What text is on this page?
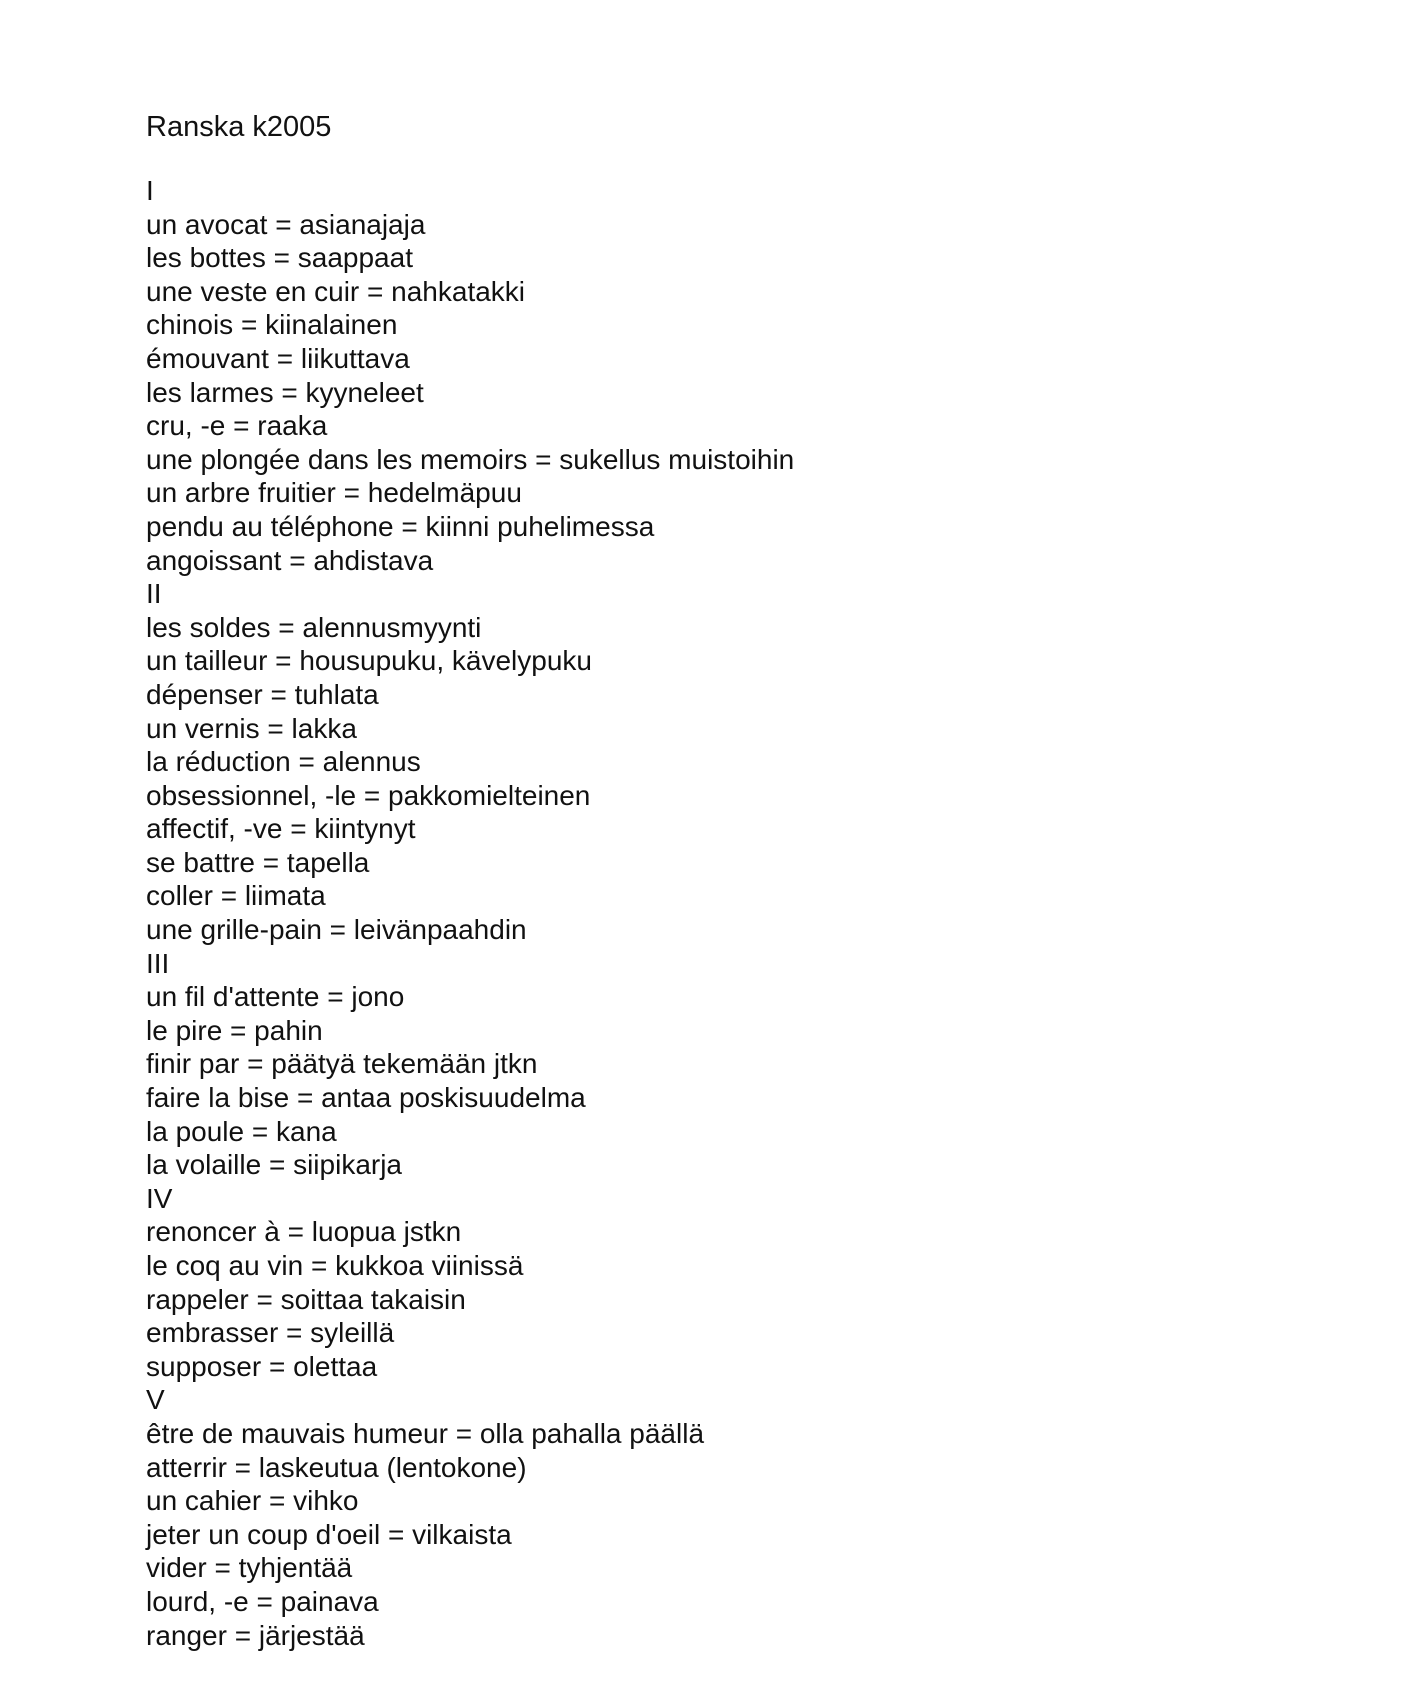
Ranska k2005
I
un avocat = asianajaja
les bottes = saappaat
une veste en cuir = nahkatakki
chinois = kiinalainen
émouvant = liikuttava
les larmes = kyyneleet
cru, -e = raaka
une plongée dans les memoirs = sukellus muistoihin
un arbre fruitier = hedelmäpuu
pendu au téléphone = kiinni puhelimessa
angoissant = ahdistava
II
les soldes = alennusmyynti
un tailleur = housupuku, kävelypuku
dépenser = tuhlata
un vernis = lakka
la réduction = alennus
obsessionnel, -le = pakkomielteinen
affectif, -ve = kiintynyt
se battre = tapella
coller = liimata
une grille-pain = leivänpaahdin
III
un fil d'attente = jono
le pire = pahin
finir par = päätyä tekemään jtkn
faire la bise = antaa poskisuudelma
la poule = kana
la volaille = siipikarja
IV
renoncer à = luopua jstkn
le coq au vin = kukkoa viinissä
rappeler = soittaa takaisin
embrasser = syleillä
supposer = olettaa
V
être de mauvais humeur = olla pahalla päällä
atterrir = laskeutua (lentokone)
un cahier = vihko
jeter un coup d'oeil = vilkaista
vider = tyhjentää
lourd, -e = painava
ranger = järjestää
